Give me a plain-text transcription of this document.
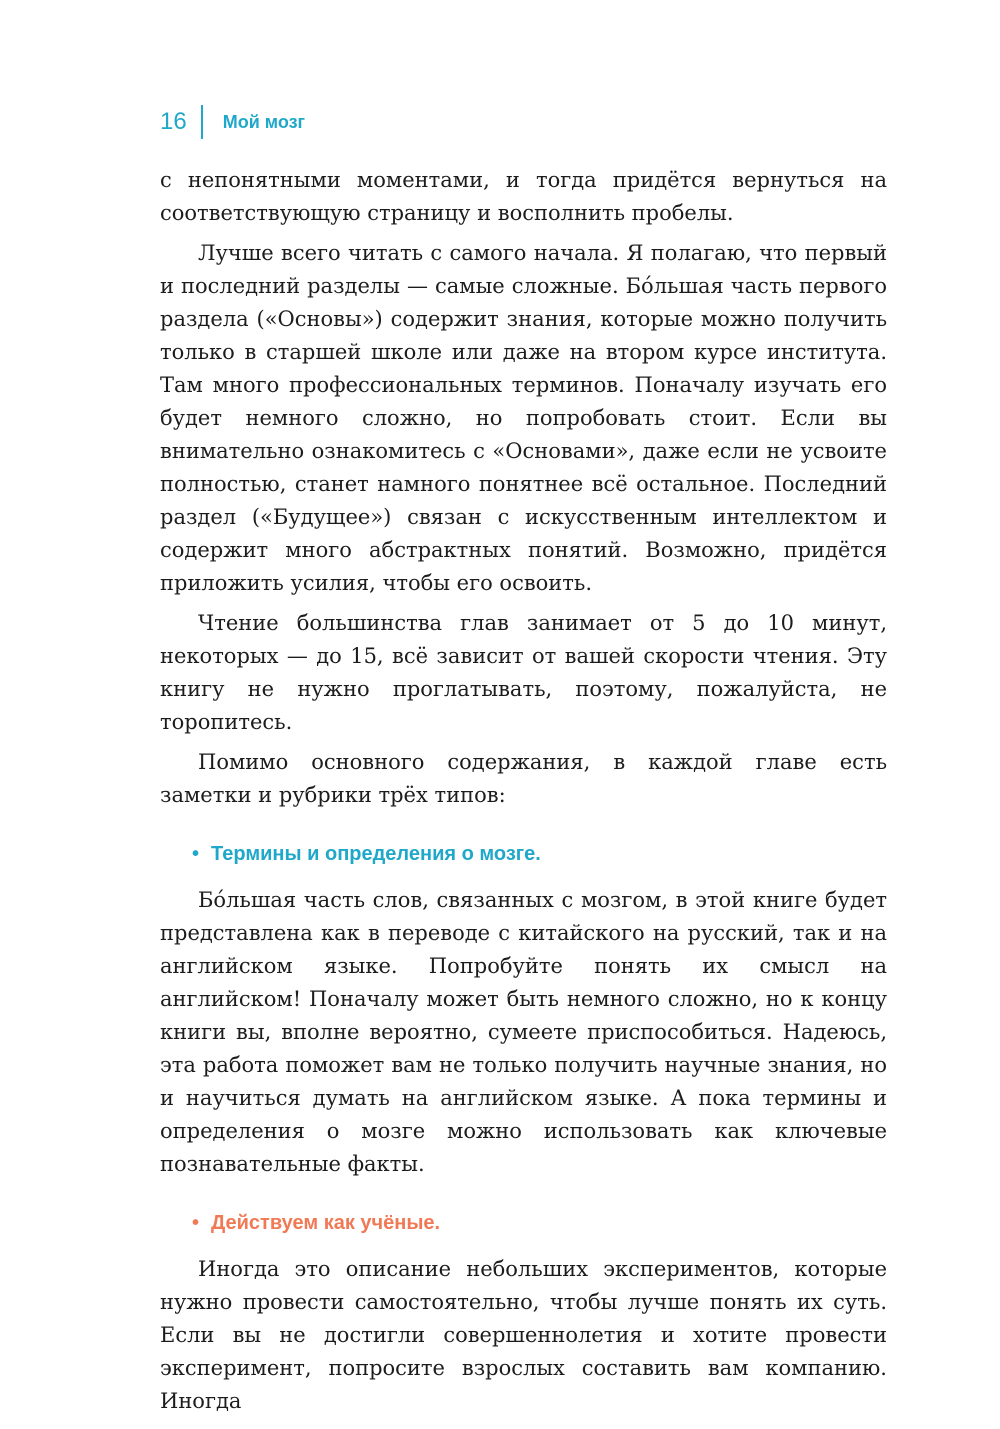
16 Мой мозг

с непонятными моментами, и тогда придётся вернуться на соответствующую страницу и восполнить пробелы.

Лучше всего читать с самого начала. Я полагаю, что первый и последний разделы — самые сложные. Бо́льшая часть первого раздела («Основы») содержит знания, которые можно получить только в старшей школе или даже на втором курсе института. Там много профессиональных терминов. Поначалу изучать его будет немного сложно, но попробовать стоит. Если вы внимательно ознакомитесь с «Основами», даже если не усвоите полностью, станет намного понятнее всё остальное. Последний раздел («Будущее») связан с искусственным интеллектом и содержит много абстрактных понятий. Возможно, придётся приложить усилия, чтобы его освоить.

Чтение большинства глав занимает от 5 до 10 минут, некоторых — до 15, всё зависит от вашей скорости чтения. Эту книгу не нужно проглатывать, поэтому, пожалуйста, не торопитесь.

Помимо основного содержания, в каждой главе есть заметки и рубрики трёх типов:

• Термины и определения о мозге.

Бо́льшая часть слов, связанных с мозгом, в этой книге будет представлена как в переводе с китайского на русский, так и на английском языке. Попробуйте понять их смысл на английском! Поначалу может быть немного сложно, но к концу книги вы, вполне вероятно, сумеете приспособиться. Надеюсь, эта работа поможет вам не только получить научные знания, но и научиться думать на английском языке. А пока термины и определения о мозге можно использовать как ключевые познавательные факты.

• Действуем как учёные.

Иногда это описание небольших экспериментов, которые нужно провести самостоятельно, чтобы лучше понять их суть. Если вы не достигли совершеннолетия и хотите провести эксперимент, попросите взрослых составить вам компанию. Иногда
